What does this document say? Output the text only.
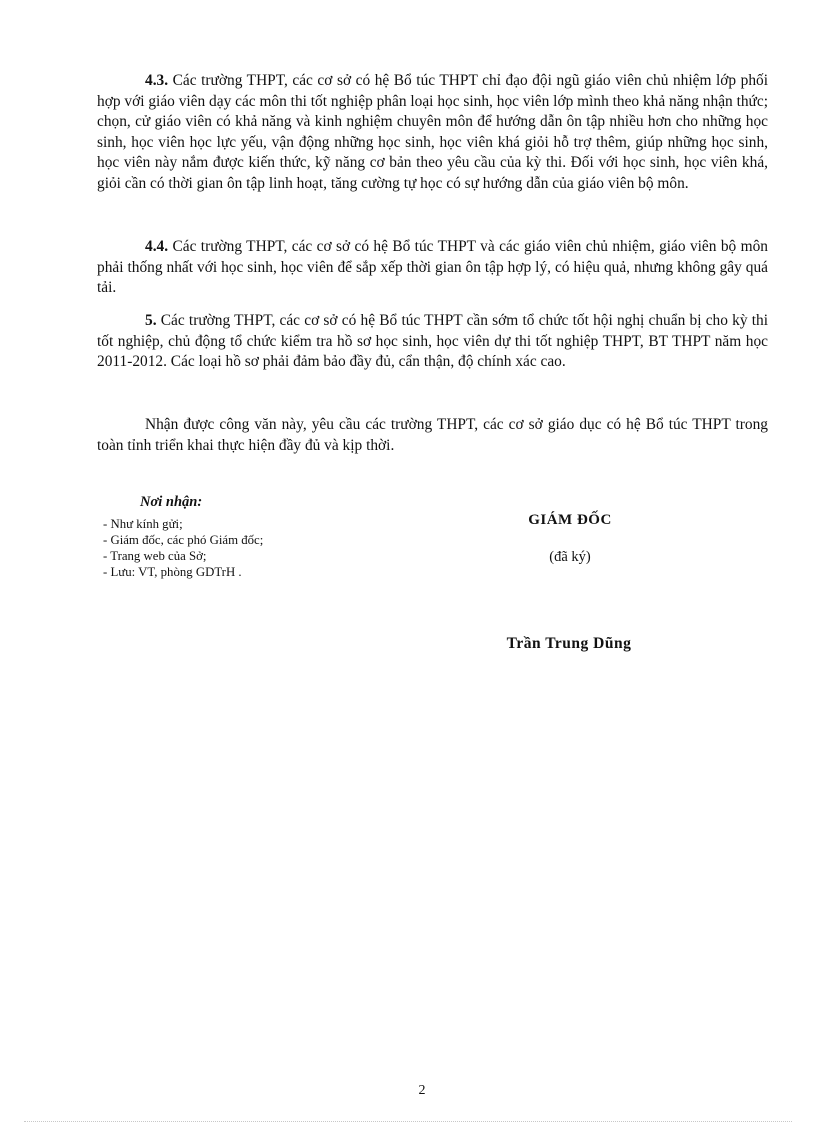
4.3. Các trường THPT, các cơ sở có hệ Bổ túc THPT chỉ đạo đội ngũ giáo viên chủ nhiệm lớp phối hợp với giáo viên dạy các môn thi tốt nghiệp phân loại học sinh, học viên lớp mình theo khả năng nhận thức; chọn, cử giáo viên có khả năng và kinh nghiệm chuyên môn để hướng dẫn ôn tập nhiều hơn cho những học sinh, học viên học lực yếu, vận động những học sinh, học viên khá giỏi hỗ trợ thêm, giúp những học sinh, học viên này nắm được kiến thức, kỹ năng cơ bản theo yêu cầu của kỳ thi. Đối với học sinh, học viên khá, giỏi cần có thời gian ôn tập linh hoạt, tăng cường tự học có sự hướng dẫn của giáo viên bộ môn.

4.4. Các trường THPT, các cơ sở có hệ Bổ túc THPT và các giáo viên chủ nhiệm, giáo viên bộ môn phải thống nhất với học sinh, học viên để sắp xếp thời gian ôn tập hợp lý, có hiệu quả, nhưng không gây quá tải.

5. Các trường THPT, các cơ sở có hệ Bổ túc THPT cần sớm tổ chức tốt hội nghị chuẩn bị cho kỳ thi tốt nghiệp, chủ động tổ chức kiểm tra hồ sơ học sinh, học viên dự thi tốt nghiệp THPT, BT THPT năm học 2011-2012. Các loại hồ sơ phải đảm bảo đầy đủ, cẩn thận, độ chính xác cao.

Nhận được công văn này, yêu cầu các trường THPT, các cơ sở giáo dục có hệ Bổ túc THPT trong toàn tỉnh triển khai thực hiện đầy đủ và kịp thời.

Nơi nhận:
- Như kính gửi;
- Giám đốc, các phó Giám đốc;
- Trang web của Sở;
- Lưu: VT, phòng GDTrH .
GIÁM ĐỐC
(đã ký)
Trần Trung Dũng
2
